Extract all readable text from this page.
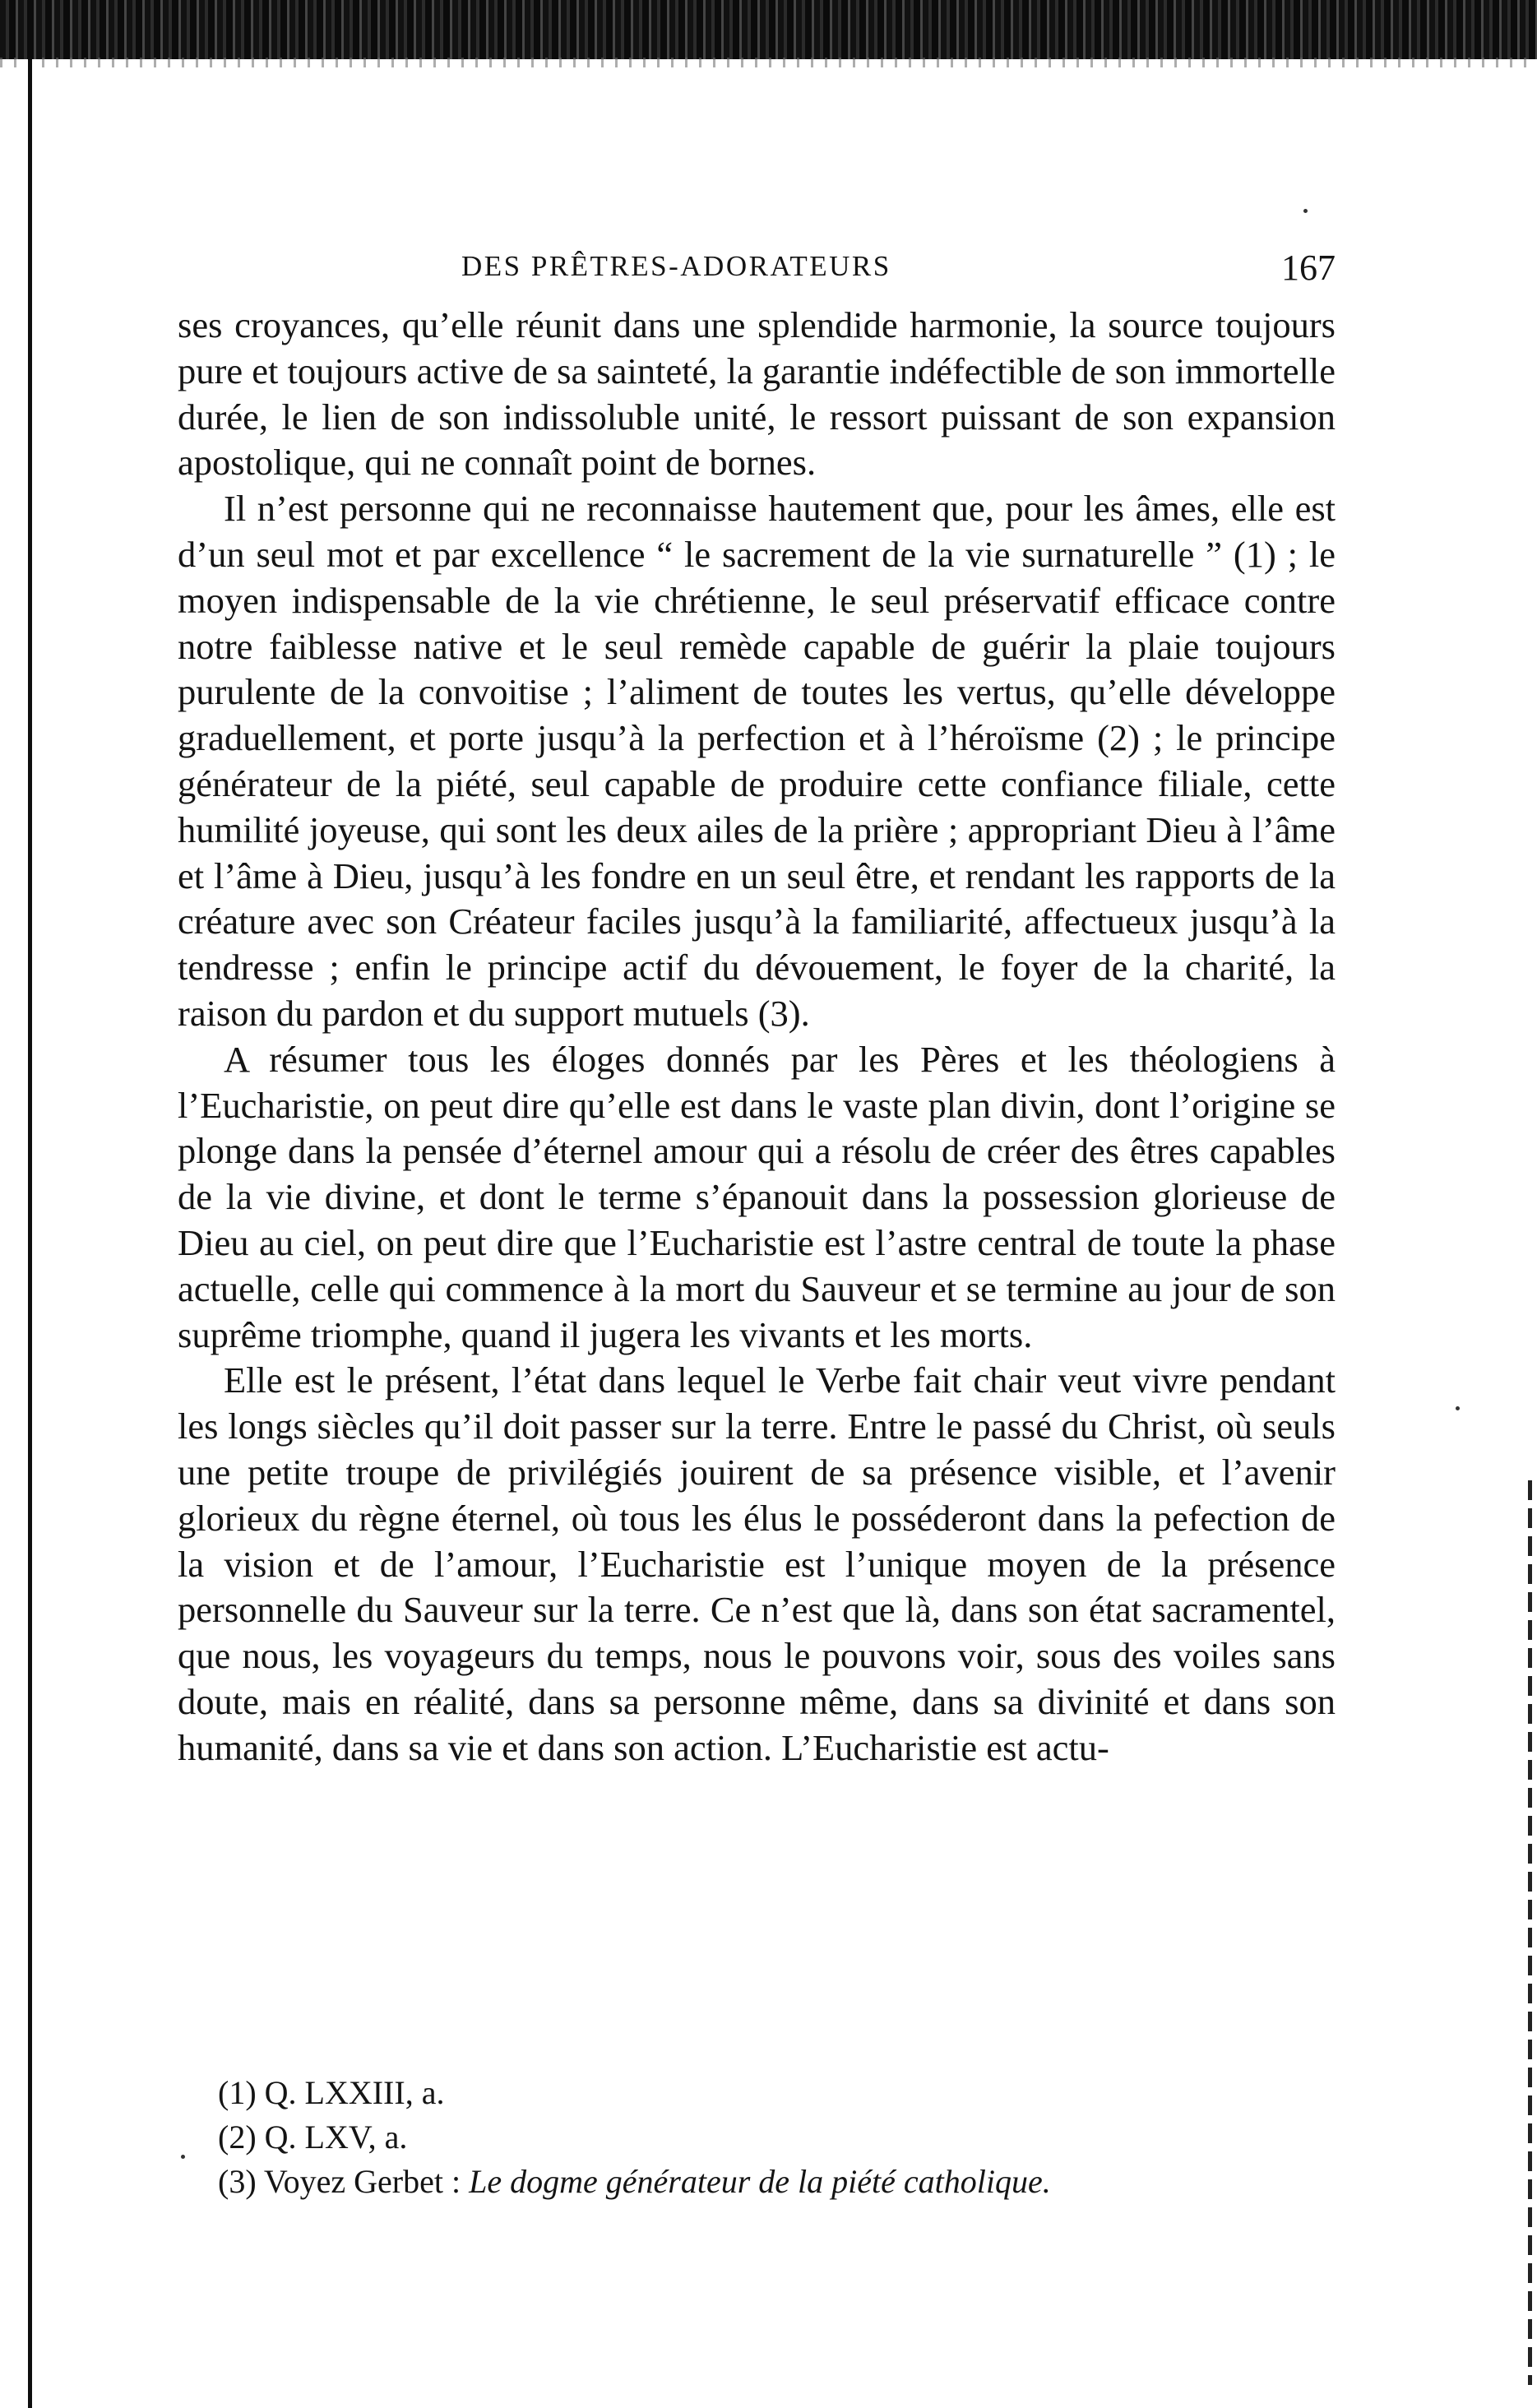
DES PRÊTRES-ADORATEURS	167

ses croyances, qu’elle réunit dans une splendide harmonie, la source toujours pure et toujours active de sa sainteté, la garantie indéfectible de son immortelle durée, le lien de son indissoluble unité, le ressort puissant de son expansion apostolique, qui ne connaît point de bornes.

Il n’est personne qui ne reconnaisse hautement que, pour les âmes, elle est d’un seul mot et par excellence “ le sacrement de la vie surnaturelle ” (1) ; le moyen indispensable de la vie chrétienne, le seul préservatif efficace contre notre faiblesse native et le seul remède capable de guérir la plaie toujours purulente de la convoitise ; l’aliment de toutes les vertus, qu’elle développe graduellement, et porte jusqu’à la perfection et à l’héroïsme (2) ; le principe générateur de la piété, seul capable de produire cette confiance filiale, cette humilité joyeuse, qui sont les deux ailes de la prière ; appropriant Dieu à l’âme et l’âme à Dieu, jusqu’à les fondre en un seul être, et rendant les rapports de la créature avec son Créateur faciles jusqu’à la familiarité, affectueux jusqu’à la tendresse ; enfin le principe actif du dévouement, le foyer de la charité, la raison du pardon et du support mutuels (3).

A résumer tous les éloges donnés par les Pères et les théologiens à l’Eucharistie, on peut dire qu’elle est dans le vaste plan divin, dont l’origine se plonge dans la pensée d’éternel amour qui a résolu de créer des êtres capables de la vie divine, et dont le terme s’épanouit dans la possession glorieuse de Dieu au ciel, on peut dire que l’Eucharistie est l’astre central de toute la phase actuelle, celle qui commence à la mort du Sauveur et se termine au jour de son suprême triomphe, quand il jugera les vivants et les morts.

Elle est le présent, l’état dans lequel le Verbe fait chair veut vivre pendant les longs siècles qu’il doit passer sur la terre. Entre le passé du Christ, où seuls une petite troupe de privilégiés jouirent de sa présence visible, et l’avenir glorieux du règne éternel, où tous les élus le posséderont dans la pefection de la vision et de l’amour, l’Eucharistie est l’unique moyen de la présence personnelle du Sauveur sur la terre. Ce n’est que là, dans son état sacramentel, que nous, les voyageurs du temps, nous le pouvons voir, sous des voiles sans doute, mais en réalité, dans sa personne même, dans sa divinité et dans son humanité, dans sa vie et dans son action. L’Eucharistie est actu-

(1) Q. LXXIII, a.
(2) Q. LXV, a.
(3) Voyez Gerbet : Le dogme générateur de la piété catholique.
